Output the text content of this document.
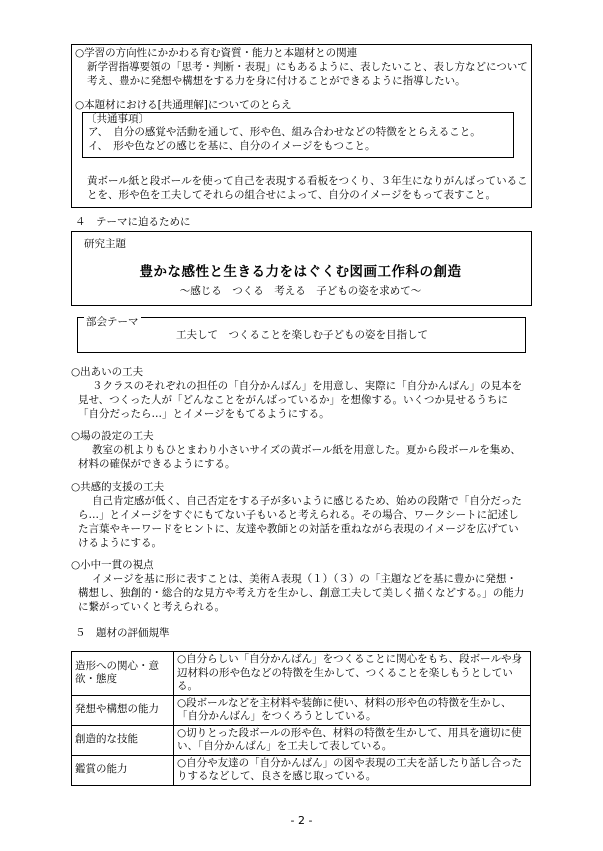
○学習の方向性にかかわる育む資質・能力と本題材との関連
新学習指導要領の「思考・判断・表現」にもあるように、表したいこと、表し方などについて考え、豊かに発想や構想をする力を身に付けることができるように指導したい。
○本題材における[共通理解]についてのとらえ
〔共通事項〕
ア、　自分の感覚や活動を通して、形や色、組み合わせなどの特徴をとらえること。
イ、　形や色などの感じを基に、自分のイメージをもつこと。
黄ボール紙と段ボールを使って自己を表現する看板をつくり、３年生になりがんばっていることを、形や色を工夫してそれらの組合せによって、自分のイメージをもって表すこと。
４　テーマに迫るために
研究主題
豊かな感性と生きる力をはぐくむ図画工作科の創造
～感じる　つくる　考える　子どもの姿を求めて～
部会テーマ
工夫して　つくることを楽しむ子どもの姿を目指して
○出あいの工夫
３クラスのそれぞれの担任の「自分かんばん」を用意し、実際に「自分かんばん」の見本を見せ、つくった人が「どんなことをがんばっているか」を想像する。いくつか見せるうちに「自分だったら…」とイメージをもてるようにする。
○場の設定の工夫
教室の机よりもひとまわり小さいサイズの黄ボール紙を用意した。夏から段ボールを集め、材料の確保ができるようにする。
○共感的支援の工夫
自己肯定感が低く、自己否定をする子が多いように感じるため、始めの段階で「自分だったら…」とイメージをすぐにもてない子もいると考えられる。その場合、ワークシートに記述した言葉やキーワードをヒントに、友達や教師との対話を重ねながら表現のイメージを広げていけるようにする。
○小中一貫の視点
イメージを基に形に表すことは、美術Ａ表現（１）（３）の「主題などを基に豊かに発想・構想し、独創的・総合的な見方や考え方を生かし、創意工夫して美しく描くなどする。」の能力に繋がっていくと考えられる。
５　題材の評価規準
造形への関心・意欲・態度	○自分らしい「自分かんばん」をつくることに関心をもち、段ボールや身辺材料の形や色などの特徴を生かして、つくることを楽しもうとしている。
発想や構想の能力	○段ボールなどを主材料や装飾に使い、材料の形や色の特徴を生かし、「自分かんばん」をつくろうとしている。
創造的な技能	○切りとった段ボールの形や色、材料の特徴を生かして、用具を適切に使い、「自分かんばん」を工夫して表している。
鑑賞の能力	○自分や友達の「自分かんばん」の図や表現の工夫を話したり話し合ったりするなどして、良さを感じ取っている。
- 2 -
